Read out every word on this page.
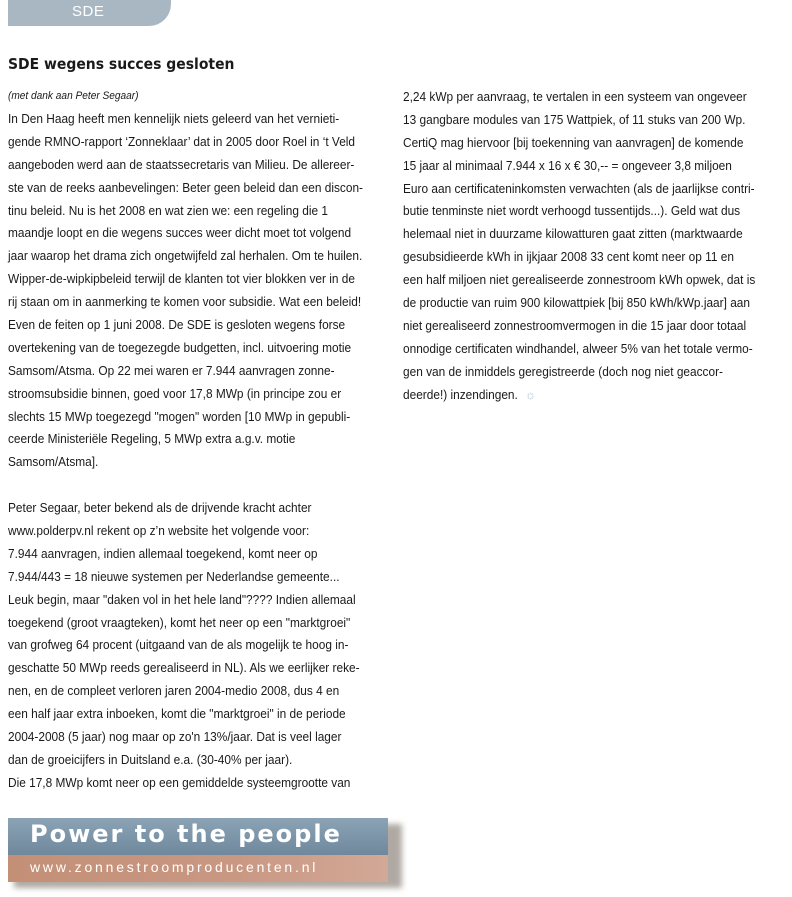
SDE
SDE wegens succes gesloten
(met dank aan Peter Segaar)
In Den Haag heeft men kennelijk niets geleerd van het vernieti-
gende RMNO-rapport ‘Zonneklaar’ dat in 2005 door Roel in ‘t Veld
aangeboden werd aan de staatssecretaris van Milieu. De allereer-
ste van de reeks aanbevelingen: Beter geen beleid dan een discon-
tinu beleid. Nu is het 2008 en wat zien we: een regeling die 1
maandje loopt en die wegens succes weer dicht moet tot volgend
jaar waarop het drama zich ongetwijfeld zal herhalen. Om te huilen.
Wipper-de-wipkipbeleid terwijl de klanten tot vier blokken ver in de
rij staan om in aanmerking te komen voor subsidie. Wat een beleid!
Even de feiten op 1 juni 2008. De SDE is gesloten wegens forse
overtekening van de toegezegde budgetten, incl. uitvoering motie
Samsom/Atsma. Op 22 mei waren er 7.944 aanvragen zonne-
stroomsubsidie binnen, goed voor 17,8 MWp (in principe zou er
slechts 15 MWp toegezegd "mogen" worden [10 MWp in gepubli-
ceerde Ministeriële Regeling, 5 MWp extra a.g.v. motie
Samsom/Atsma].
Peter Segaar, beter bekend als de drijvende kracht achter
www.polderpv.nl rekent op z’n website het volgende voor:
7.944 aanvragen, indien allemaal toegekend, komt neer op
7.944/443 = 18 nieuwe systemen per Nederlandse gemeente...
Leuk begin, maar "daken vol in het hele land"???? Indien allemaal
toegekend (groot vraagteken), komt het neer op een "marktgroei"
van grofweg 64 procent (uitgaand van de als mogelijk te hoog in-
geschatte 50 MWp reeds gerealiseerd in NL). Als we eerlijker reke-
nen, en de compleet verloren jaren 2004-medio 2008, dus 4 en
een half jaar extra inboeken, komt die "marktgroei" in de periode
2004-2008 (5 jaar) nog maar op zo'n 13%/jaar. Dat is veel lager
dan de groeicijfers in Duitsland e.a. (30-40% per jaar).
Die 17,8 MWp komt neer op een gemiddelde systeemgrootte van
2,24 kWp per aanvraag, te vertalen in een systeem van ongeveer
13 gangbare modules van 175 Wattpiek, of 11 stuks van 200 Wp.
CertiQ mag hiervoor [bij toekenning van aanvragen] de komende
15 jaar al minimaal 7.944 x 16 x € 30,-- = ongeveer 3,8 miljoen
Euro aan certificateninkomsten verwachten (als de jaarlijkse contri-
butie tenminste niet wordt verhoogd tussentijds...). Geld wat dus
helemaal niet in duurzame kilowatturen gaat zitten (marktwaarde
gesubsidieerde kWh in ijkjaar 2008 33 cent komt neer op 11 en
een half miljoen niet gerealiseerde zonnestroom kWh opwek, dat is
de productie van ruim 900 kilowattpiek [bij 850 kWh/kWp.jaar] aan
niet gerealiseerd zonnestroomvermogen in die 15 jaar door totaal
onnodige certificaten windhandel, alweer 5% van het totale vermo-
gen van de inmiddels geregistreerde (doch nog niet geaccor-
deerde!) inzendingen. ☼
Power to the people
www.zonnestroomproducenten.nl
